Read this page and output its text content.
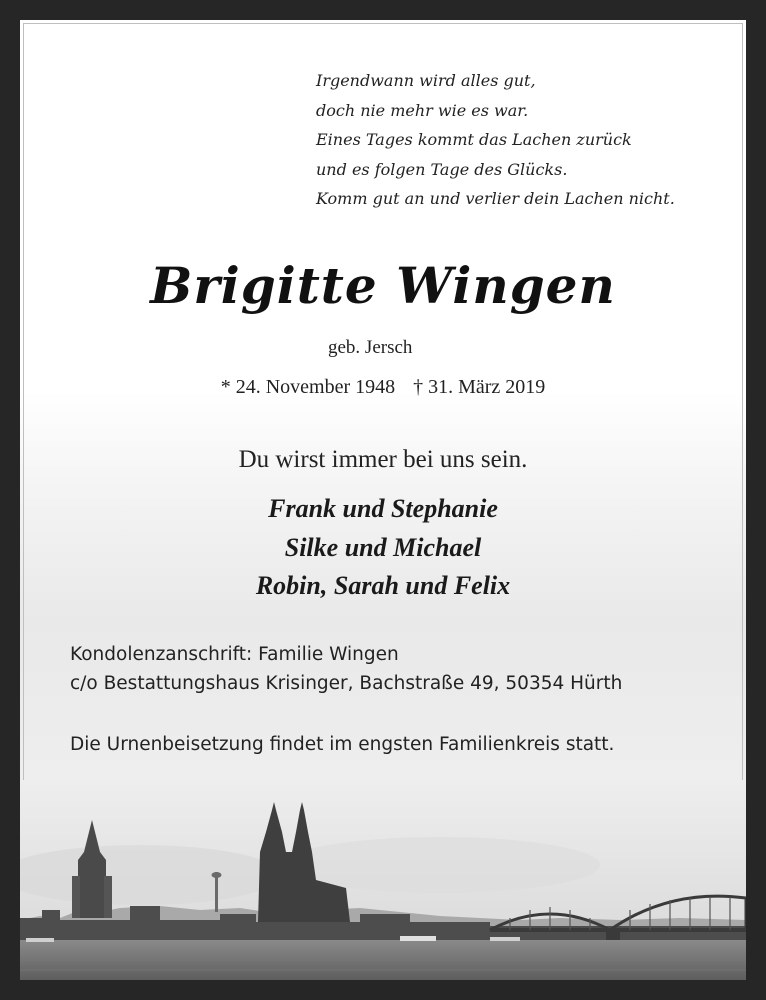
Irgendwann wird alles gut,
doch nie mehr wie es war.
Eines Tages kommt das Lachen zurück
und es folgen Tage des Glücks.
Komm gut an und verlier dein Lachen nicht.
Brigitte Wingen
geb. Jersch
* 24. November 1948 † 31. März 2019
Du wirst immer bei uns sein.
Frank und Stephanie
Silke und Michael
Robin, Sarah und Felix
Kondolenzanschrift: Familie Wingen
c/o Bestattungshaus Krisinger, Bachstraße 49, 50354 Hürth
Die Urnenbeisetzung findet im engsten Familienkreis statt.
